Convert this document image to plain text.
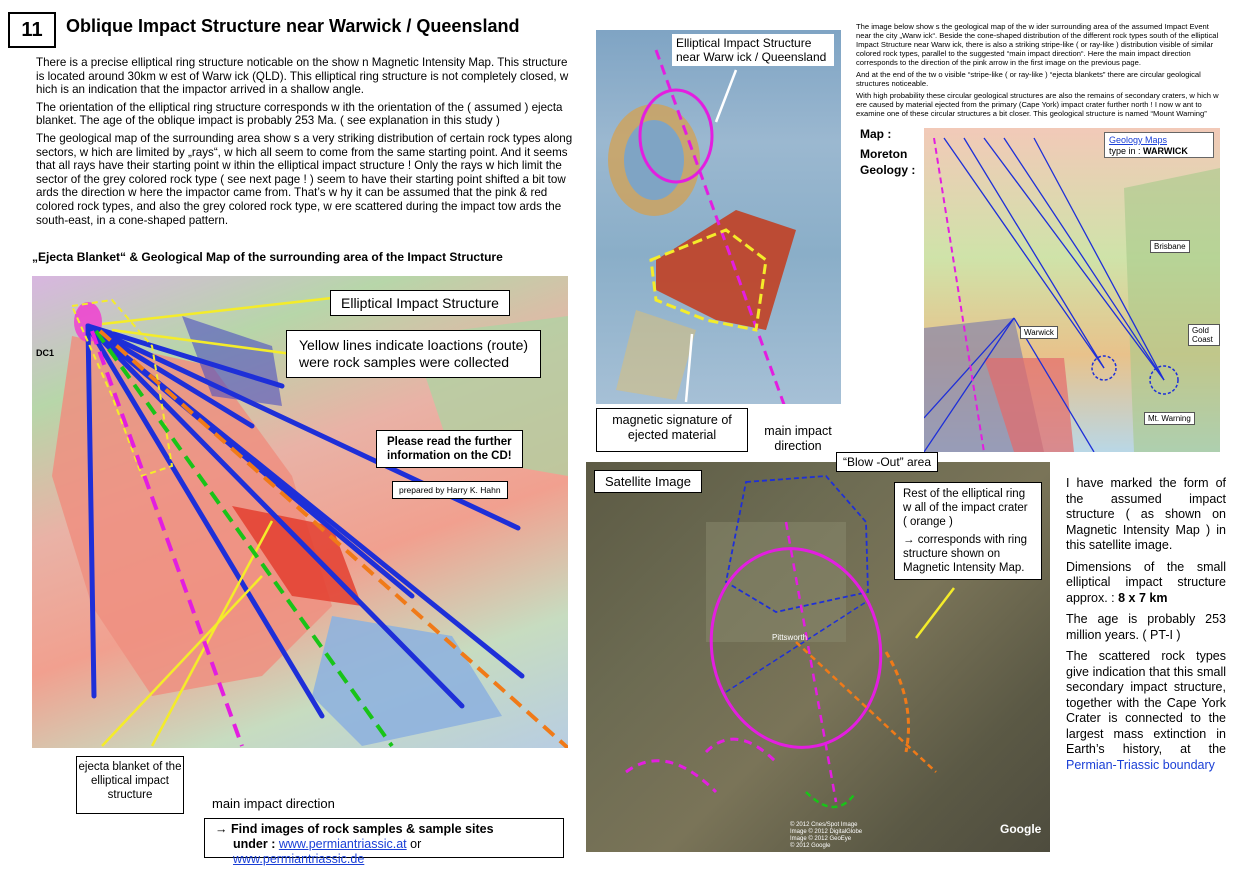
11	Oblique Impact Structure near Warwick / Queensland

There is a precise elliptical ring structure noticable on the show n Magnetic Intensity Map. This structure is located around 30km w est of Warw ick (QLD). This elliptical ring structure is not completely closed, w hich is an indication that the impactor arrived in a shallow angle.

The orientation of the elliptical ring structure corresponds w ith the orientation of the ( assumed ) ejecta blanket. The age of the oblique impact is probably 253 Ma. ( see explanation in this study )

The geological map of the surrounding area show s a very striking distribution of certain rock types along sectors, w hich are limited by „rays“, w hich all seem to come from the same starting point. And it seems that all rays have their starting point w ithin the elliptical impact structure ! Only the rays w hich limit the sector of the grey colored rock type ( see next page ! ) seem to have their starting point shifted a bit tow ards the direction w here the impactor came from. That’s w hy it can be assumed that the pink & red colored rock types, and also the grey colored rock type, w ere scattered during the impact tow ards the south-east, in a cone-shaped pattern.

„Ejecta Blanket“ & Geological Map of the surrounding area of the Impact Structure
DC1
Elliptical Impact Structure
Yellow lines indicate loactions (route)
were rock samples were collected
Please read the further
information on the CD!
prepared by Harry K. Hahn
Elliptical Impact Structure near Warw ick / Queensland
magnetic signature of ejected material	main impact direction

The image below show s the geological map of the w ider surrounding area of the assumed Impact Event near the city „Warw ick“. Beside the cone-shaped distribution of the different rock types south of the elliptical Impact Structure near Warw ick, there is also a striking stripe-like ( or ray-like ) distribution visible of similar colored rock types, parallel to the suggested “main impact direction“. Here the main impact direction corresponds to the direction of the pink arrow in the first image on the previous page.

And at the end of the tw o visible “stripe-like ( or ray-like ) “ejecta blankets” there are circular geological structures noticeable.

With high probability these circular geological structures are also the remains of secondary craters, w hich w ere caused by material ejected from the primary (Cape York) impact crater further north ! I now w ant to examine one of these circular structures a bit closer. This geological structure is named “Mount Warning”

Map :
Moreton
Geology :
Warwick
Brisbane
Gold Coast
Mt. Warning
Geology Maps
type in : WARWICK
Pittsworth
Satellite Image
“Blow -Out” area
Rest of the elliptical ring w all of the impact crater ( orange )
→ corresponds with ring structure shown on Magnetic Intensity Map.
© 2012 Cnes/Spot Image
Image © 2012 DigitalGlobe
Image © 2012 GeoEye
© 2012 Google
Google

I have marked the form of the assumed impact structure ( as shown on Magnetic Intensity Map ) in this satellite image.

Dimensions of the small elliptical impact structure approx. : 8 x 7 km

The age is probably 253 million years. ( PT-I )

The scattered rock types give indication that this small secondary impact structure, together with the Cape York Crater is connected to the largest mass extinction in Earth’s history, at the Permian-Triassic boundary

ejecta blanket of the elliptical impact structure
main impact direction
→ Find images of rock samples & sample sites
under : www.permiantriassic.at or www.permiantriassic.de
